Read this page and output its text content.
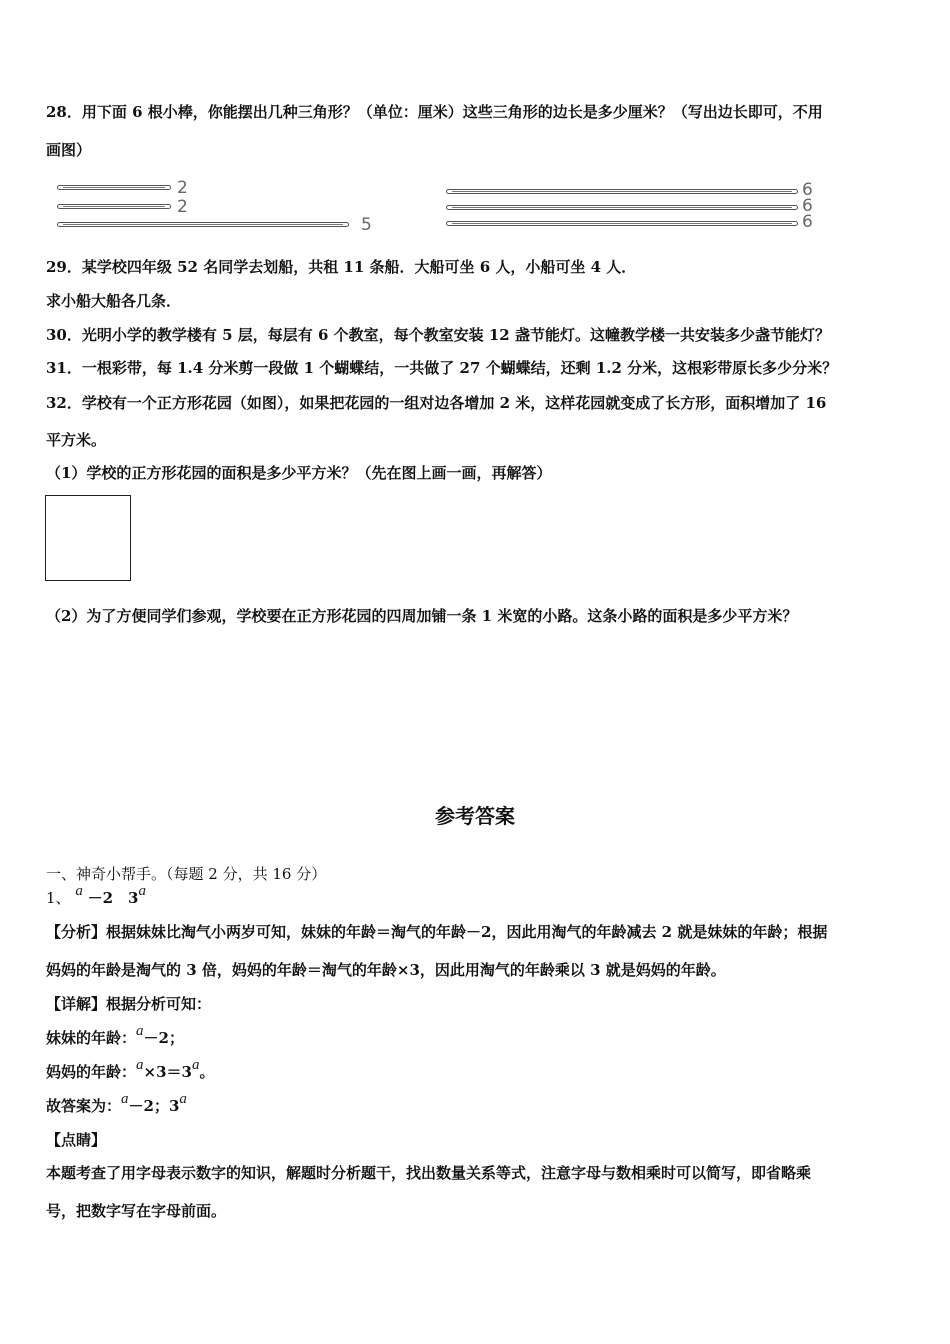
28．用下面 6 根小棒，你能摆出几种三角形？（单位：厘米）这些三角形的边长是多少厘米？（写出边长即可，不用
画图）
2
2
5
6
6
6
29．某学校四年级 52 名同学去划船，共租 11 条船．大船可坐 6 人，小船可坐 4 人．
求小船大船各几条．
30．光明小学的教学楼有 5 层，每层有 6 个教室，每个教室安装 12 盏节能灯。这幢教学楼一共安装多少盏节能灯？
31．一根彩带，每 1.4 分米剪一段做 1 个蝴蝶结，一共做了 27 个蝴蝶结，还剩 1.2 分米，这根彩带原长多少分米？
32．学校有一个正方形花园（如图），如果把花园的一组对边各增加 2 米，这样花园就变成了长方形，面积增加了 16
平方米。
（1）学校的正方形花园的面积是多少平方米？（先在图上画一画，再解答）
（2）为了方便同学们参观，学校要在正方形花园的四周加铺一条 1 米宽的小路。这条小路的面积是多少平方米？
参考答案
一、神奇小帮手。（每题 2 分，共 16 分）
1、 a －2　3a
【分析】根据妹妹比淘气小两岁可知，妹妹的年龄＝淘气的年龄－2，因此用淘气的年龄减去 2 就是妹妹的年龄；根据
妈妈的年龄是淘气的 3 倍，妈妈的年龄＝淘气的年龄×3，因此用淘气的年龄乘以 3 就是妈妈的年龄。
【详解】根据分析可知：
妹妹的年龄：a－2；
妈妈的年龄：a×3＝3a。
故答案为：a－2；3a
【点睛】
本题考查了用字母表示数字的知识，解题时分析题干，找出数量关系等式，注意字母与数相乘时可以简写，即省略乘
号，把数字写在字母前面。
